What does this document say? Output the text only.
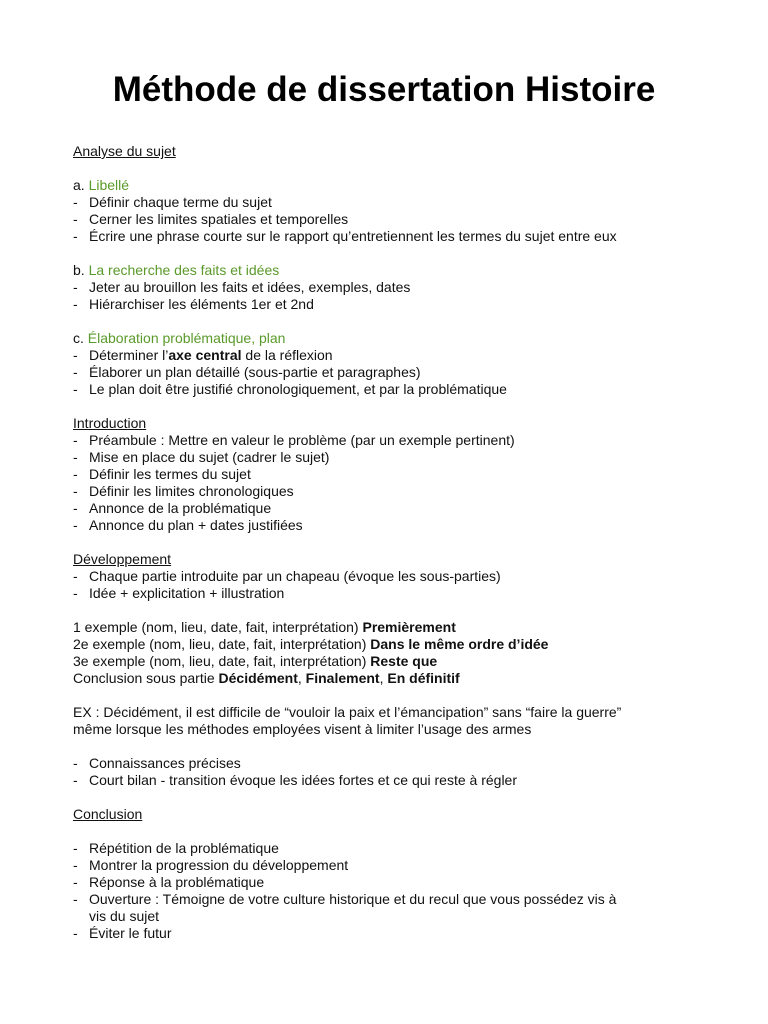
Méthode de dissertation Histoire
Analyse du sujet
a. Libellé
- Définir chaque terme du sujet
- Cerner les limites spatiales et temporelles
- Écrire une phrase courte sur le rapport qu’entretiennent les termes du sujet entre eux
b. La recherche des faits et idées
- Jeter au brouillon les faits et idées, exemples, dates
- Hiérarchiser les éléments 1er et 2nd
c. Élaboration problématique, plan
- Déterminer l’axe central de la réflexion
- Élaborer un plan détaillé (sous-partie et paragraphes)
- Le plan doit être justifié chronologiquement, et par la problématique
Introduction
- Préambule : Mettre en valeur le problème (par un exemple pertinent)
- Mise en place du sujet (cadrer le sujet)
- Définir les termes du sujet
- Définir les limites chronologiques
- Annonce de la problématique
- Annonce du plan + dates justifiées
Développement
- Chaque partie introduite par un chapeau (évoque les sous-parties)
- Idée + explicitation + illustration
1 exemple (nom, lieu, date, fait, interprétation) Premièrement
2e exemple (nom, lieu, date, fait, interprétation) Dans le même ordre d’idée
3e exemple (nom, lieu, date, fait, interprétation) Reste que
Conclusion sous partie Décidément, Finalement, En définitif
EX : Décidément, il est difficile de “vouloir la paix et l’émancipation” sans “faire la guerre”
même lorsque les méthodes employées visent à limiter l’usage des armes
- Connaissances précises
- Court bilan - transition évoque les idées fortes et ce qui reste à régler
Conclusion
- Répétition de la problématique
- Montrer la progression du développement
- Réponse à la problématique
- Ouverture : Témoigne de votre culture historique et du recul que vous possédez vis à
vis du sujet
- Éviter le futur
